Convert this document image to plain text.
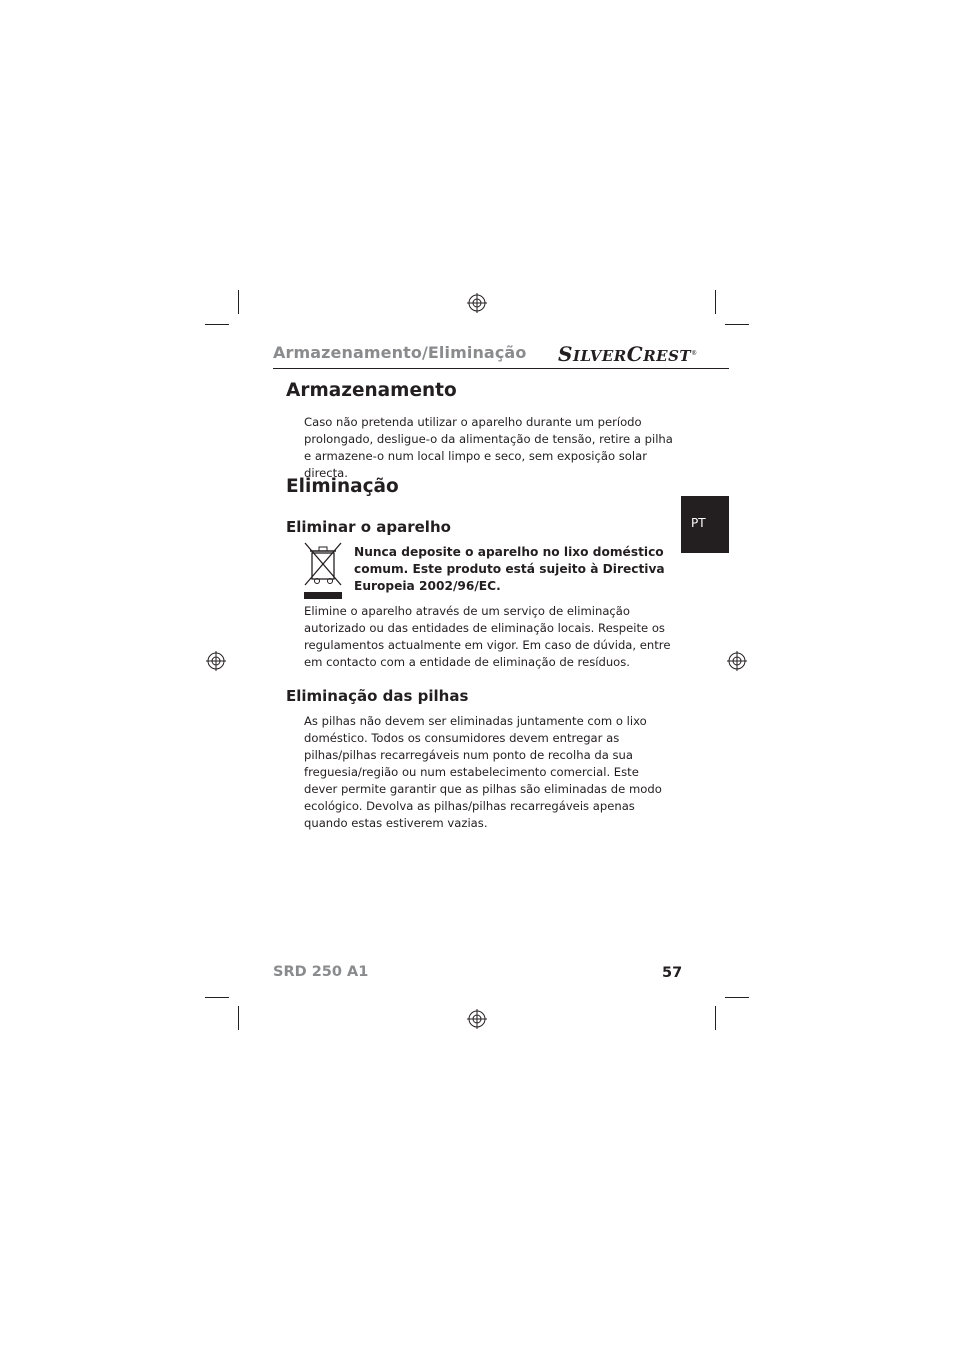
Armazenamento/Eliminação SILVERCREST®
Armazenamento

Caso não pretenda utilizar o aparelho durante um período prolongado, desligue-o da alimentação de tensão, retire a pilha e armazene-o num local limpo e seco, sem exposição solar directa.

Eliminação
Eliminar o aparelho

Nunca deposite o aparelho no lixo doméstico comum. Este produto está sujeito à Directiva Europeia 2002/96/EC.

Elimine o aparelho através de um serviço de eliminação autorizado ou das entidades de eliminação locais. Respeite os regulamentos actualmente em vigor. Em caso de dúvida, entre em contacto com a entidade de eliminação de resíduos.

Eliminação das pilhas

As pilhas não devem ser eliminadas juntamente com o lixo doméstico. Todos os consumidores devem entregar as pilhas/pilhas recarregáveis num ponto de recolha da sua freguesia/região ou num estabelecimento comercial. Este dever permite garantir que as pilhas são eliminadas de modo ecológico. Devolva as pilhas/pilhas recarregáveis apenas quando estas estiverem vazias.

PT
SRD 250 A1	57
